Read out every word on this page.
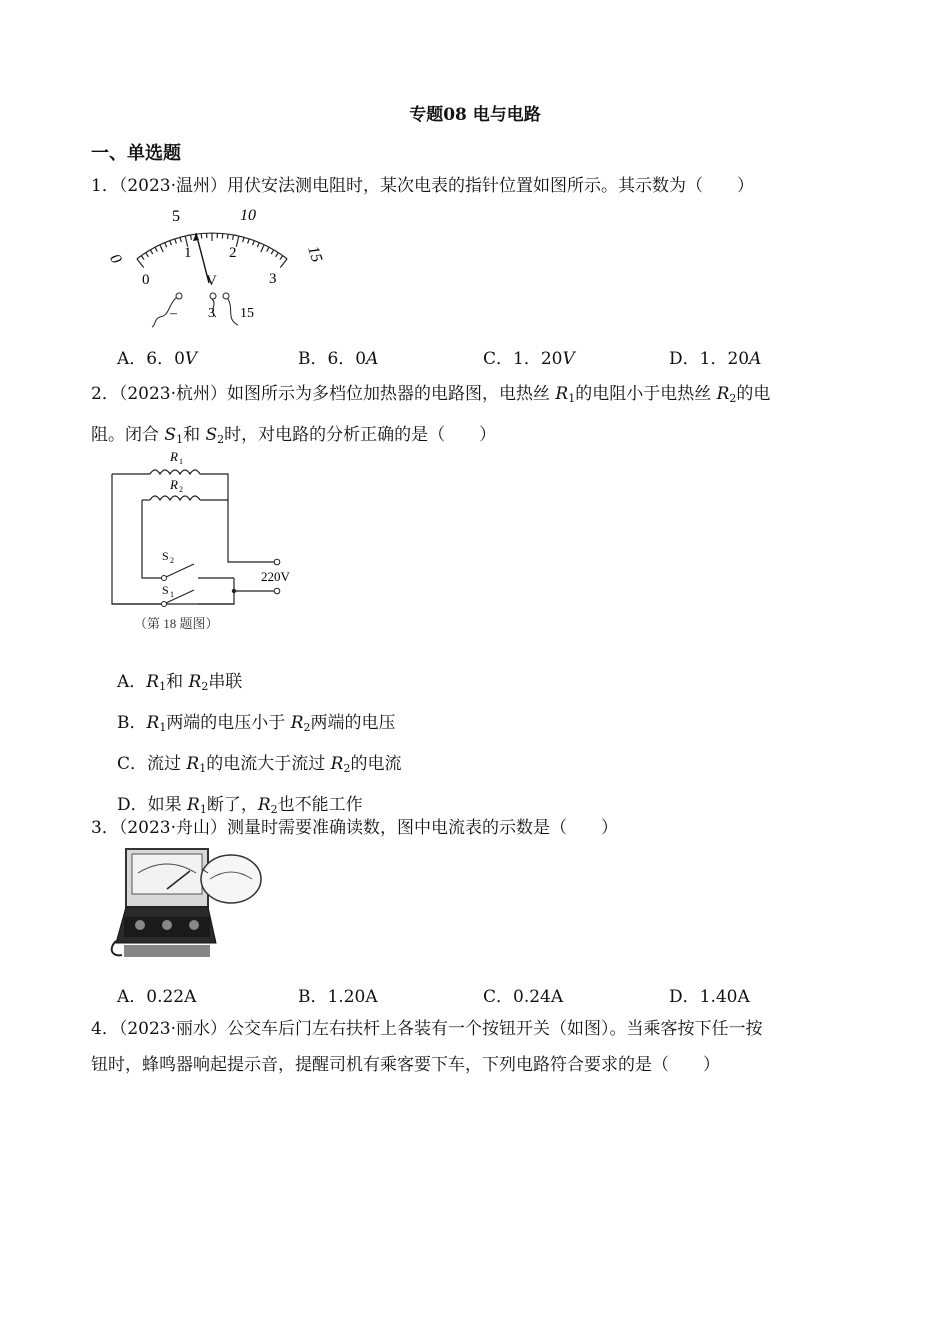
专题08 电与电路
一、单选题
1．（2023·温州）用伏安法测电阻时，某次电表的指针位置如图所示。其示数为（　　）
0
5	10
15
0
1	2
3
V
– 3 15
A．6．0V	B．6．0A	C．1．20V	D．1．20A
2．（2023·杭州）如图所示为多档位加热器的电路图，电热丝 $R_1$的电阻小于电热丝 $R_2$的电
阻。闭合 $S_1$和 $S_2$时，对电路的分析正确的是（　　）
R 1
R 2
S 2
S 1
220V
（第 18 题图）
A．$R_1$和 $R_2$串联
B．$R_1$两端的电压小于 $R_2$两端的电压
C．流过 $R_1$的电流大于流过 $R_2$的电流
D．如果 $R_1$断了，$R_2$也不能工作
3．（2023·舟山）测量时需要准确读数，图中电流表的示数是（　　）
A．0.22A	B．1.20A	C．0.24A	D．1.40A
4．（2023·丽水）公交车后门左右扶杆上各装有一个按钮开关（如图）。当乘客按下任一按
钮时，蜂鸣器响起提示音，提醒司机有乘客要下车，下列电路符合要求的是（　　）
